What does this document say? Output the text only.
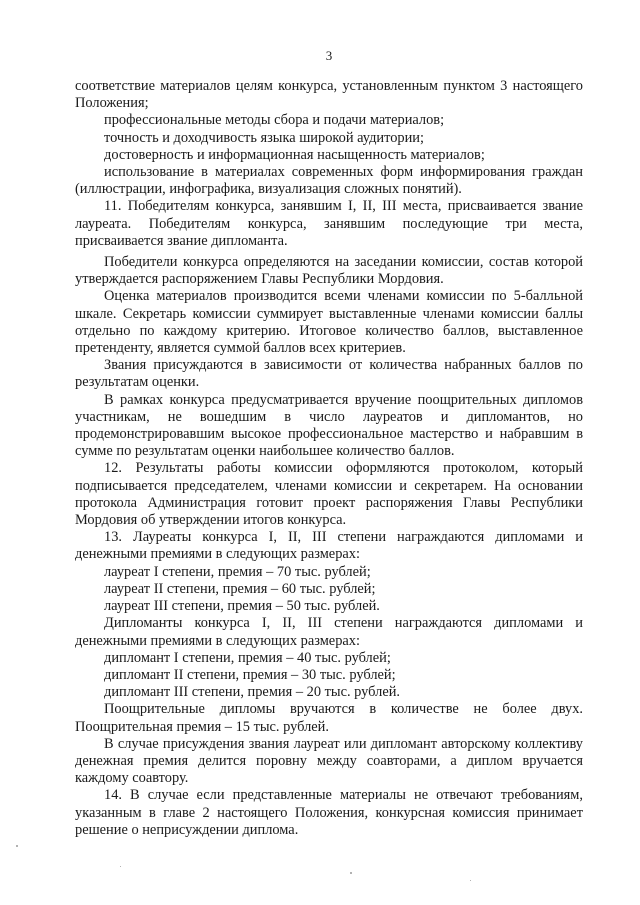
3

соответствие материалов целям конкурса, установленным пунктом 3 настоящего Положения;

профессиональные методы сбора и подачи материалов;

точность и доходчивость языка широкой аудитории;

достоверность и информационная насыщенность материалов;

использование в материалах современных форм информирования граждан (иллюстрации, инфографика, визуализация сложных понятий).

11. Победителям конкурса, занявшим I, II, III места, присваивается звание лауреата. Победителям конкурса, занявшим последующие три места, присваивается звание дипломанта.

Победители конкурса определяются на заседании комиссии, состав которой утверждается распоряжением Главы Республики Мордовия.

Оценка материалов производится всеми членами комиссии по 5-балльной шкале. Секретарь комиссии суммирует выставленные членами комиссии баллы отдельно по каждому критерию. Итоговое количество баллов, выставленное претенденту, является суммой баллов всех критериев.

Звания присуждаются в зависимости от количества набранных баллов по результатам оценки.

В рамках конкурса предусматривается вручение поощрительных дипломов участникам, не вошедшим в число лауреатов и дипломантов, но продемонстрировавшим высокое профессиональное мастерство и набравшим в сумме по результатам оценки наибольшее количество баллов.

12. Результаты работы комиссии оформляются протоколом, который подписывается председателем, членами комиссии и секретарем. На основании протокола Администрация готовит проект распоряжения Главы Республики Мордовия об утверждении итогов конкурса.

13. Лауреаты конкурса I, II, III степени награждаются дипломами и денежными премиями в следующих размерах:

лауреат I степени, премия – 70 тыс. рублей;

лауреат II степени, премия – 60 тыс. рублей;

лауреат III степени, премия – 50 тыс. рублей.

Дипломанты конкурса I, II, III степени награждаются дипломами и денежными премиями в следующих размерах:

дипломант I степени, премия – 40 тыс. рублей;

дипломант II степени, премия – 30 тыс. рублей;

дипломант III степени, премия – 20 тыс. рублей.

Поощрительные дипломы вручаются в количестве не более двух. Поощрительная премия – 15 тыс. рублей.

В случае присуждения звания лауреат или дипломант авторскому коллективу денежная премия делится поровну между соавторами, а диплом вручается каждому соавтору.

14. В случае если представленные материалы не отвечают требованиям, указанным в главе 2 настоящего Положения, конкурсная комиссия принимает решение о неприсуждении диплома.
